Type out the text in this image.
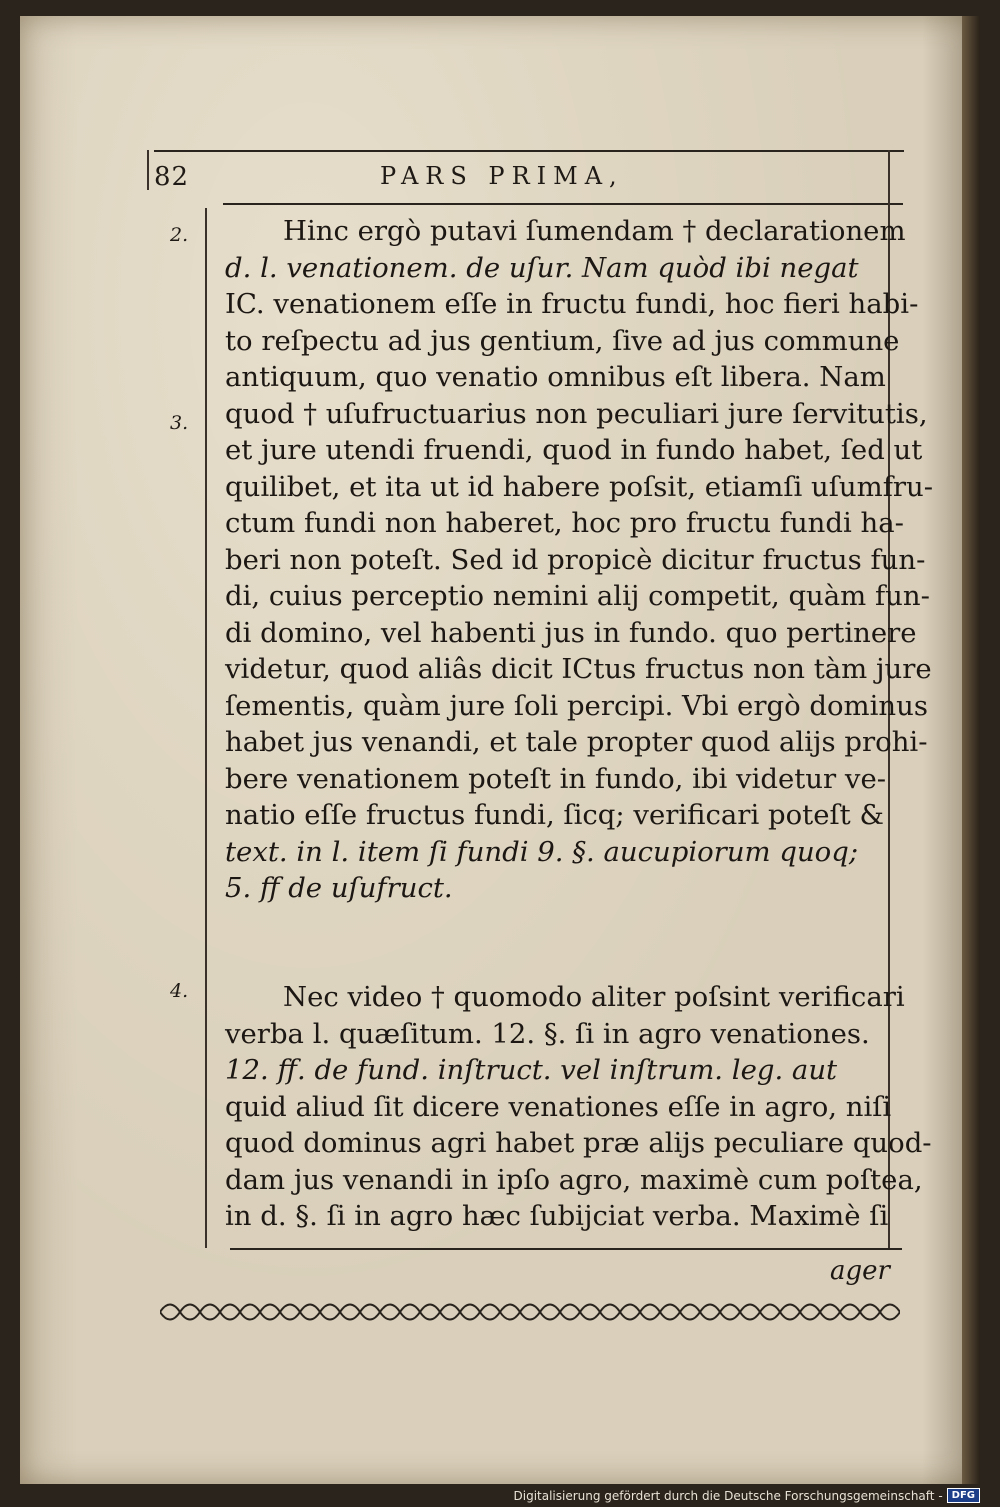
82	PARS PRIMA,
2.
3.
4.
Hinc ergò putavi ſumendam † declarationem
d. l. venationem. de uſur. Nam quòd ibi negat
IC. venationem eſſe in fructu fundi, hoc fieri habi-
to reſpectu ad jus gentium, ſive ad jus commune
antiquum, quo venatio omnibus eſt libera. Nam
quod † uſufructuarius non peculiari jure ſervitutis,
et jure utendi fruendi, quod in fundo habet, ſed ut
quilibet, et ita ut id habere poſsit, etiamſi uſumfru-
ctum fundi non haberet, hoc pro fructu fundi ha-
beri non poteſt. Sed id propicè dicitur fructus fun-
di, cuius perceptio nemini alij competit, quàm fun-
di domino, vel habenti jus in fundo. quo pertinere
videtur, quod aliâs dicit ICtus fructus non tàm jure
ſementis, quàm jure ſoli percipi. Vbi ergò dominus
habet jus venandi, et tale propter quod alijs prohi-
bere venationem poteſt in fundo, ibi videtur ve-
natio eſſe fructus fundi, ſicq; verificari poteſt &
text. in l. item ſi fundi 9. §. aucupiorum quoq;
5. ff de uſufruct.
Nec video † quomodo aliter poſsint verificari
verba l. quæſitum. 12. §. ſi in agro venationes.
12. ff. de fund. inſtruct. vel inſtrum. leg. aut
quid aliud ſit dicere venationes eſſe in agro, niſi
quod dominus agri habet præ alijs peculiare quod-
dam jus venandi in ipſo agro, maximè cum poſtea,
in d. §. ſi in agro hæc ſubijciat verba. Maximè ſi
ager
Digitalisierung gefördert durch die Deutsche Forschungsgemeinschaft - DFG
